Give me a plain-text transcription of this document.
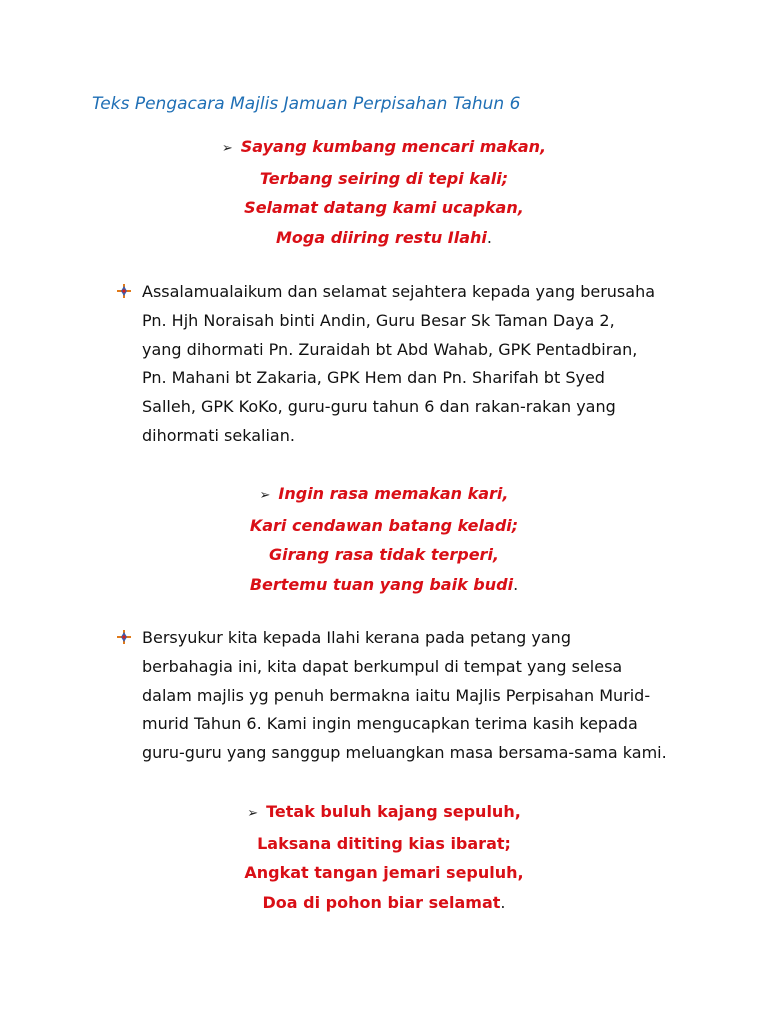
Teks Pengacara Majlis Jamuan Perpisahan Tahun 6
➢ Sayang kumbang mencari makan,
Terbang seiring di tepi kali;
Selamat datang kami ucapkan,
Moga diiring restu Ilahi.

Assalamualaikum dan selamat sejahtera kepada yang berusaha
Pn. Hjh Noraisah binti Andin, Guru Besar Sk Taman Daya 2,
yang dihormati Pn. Zuraidah bt Abd Wahab, GPK Pentadbiran,
Pn. Mahani bt Zakaria, GPK Hem dan Pn. Sharifah bt Syed
Salleh, GPK KoKo, guru-guru tahun 6 dan rakan-rakan yang
dihormati sekalian.

➢ Ingin rasa memakan kari,
Kari cendawan batang keladi;
Girang rasa tidak terperi,
Bertemu tuan yang baik budi.

Bersyukur kita kepada Ilahi kerana pada petang yang
berbahagia ini, kita dapat berkumpul di tempat yang selesa
dalam majlis yg penuh bermakna iaitu Majlis Perpisahan Murid-
murid Tahun 6. Kami ingin mengucapkan terima kasih kepada
guru-guru yang sanggup meluangkan masa bersama-sama kami.

➢ Tetak buluh kajang sepuluh,
Laksana dititing kias ibarat;
Angkat tangan jemari sepuluh,
Doa di pohon biar selamat.
